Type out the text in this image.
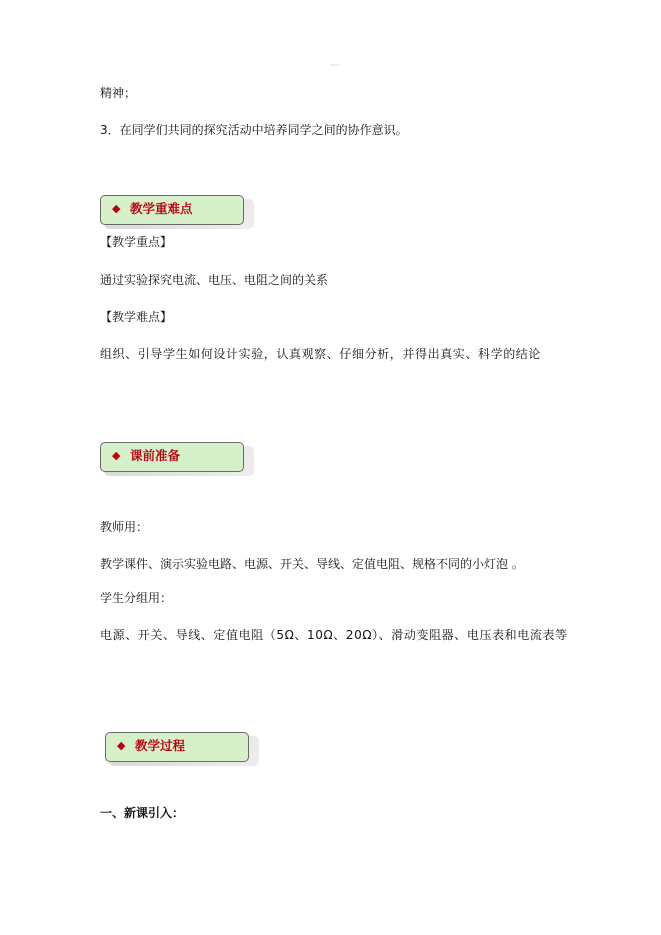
精神；
3．在同学们共同的探究活动中培养同学之间的协作意识。
◆ 教学重难点
【教学重点】
通过实验探究电流、电压、电阻之间的关系
【教学难点】
组织、引导学生如何设计实验，认真观察、仔细分析，并得出真实、科学的结论
◆ 课前准备
教师用：
教学课件、演示实验电路、电源、开关、导线、定值电阻、规格不同的小灯泡 。
学生分组用：
电源、开关、导线、定值电阻（5Ω、10Ω、20Ω）、滑动变阻器、电压表和电流表等
◆ 教学过程
一、新课引入：
